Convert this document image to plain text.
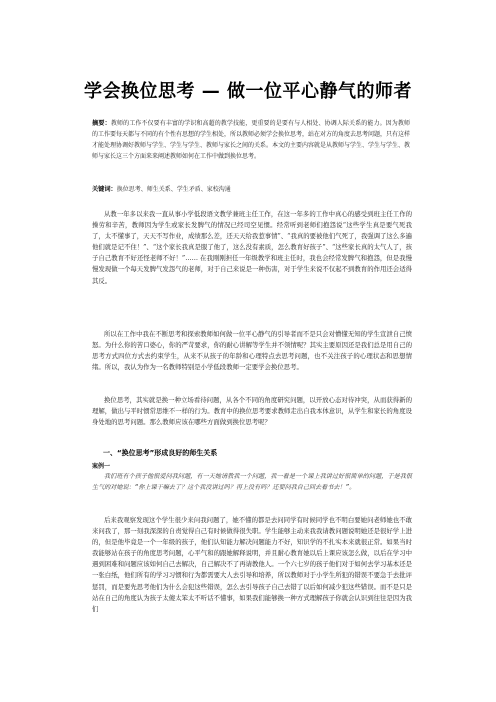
学会换位思考 — 做一位平心静气的师者

摘要：教师的工作不仅要有丰富的学识和高超的教学技能，更重要的是要有与人相处、协调人际关系的能力。因为教师的工作要每天都与不同的有个性有思想的学生相处，所以教师必须学会换位思考，站在对方的角度去思考问题，只有这样才能处理协调好教师与学生、学生与学生、教师与家长之间的关系。本文的主要内容就是从教师与学生、学生与学生、教师与家长这三个方面来来阐述教师如何在工作中做到换位思考。

关键词：换位思考、师生关系、学生矛盾、家校沟通

从教一年多以来我一直从事小学低段语文教学兼班主任工作，在这一年多的工作中真心的感受到班主任工作的操劳和辛苦，教师因为学生或家长发脾气的情况已经司空见惯。经常听到老师们抱怨说“这些学生真是要气死我了，太不懂事了，天天不写作业，成绩那么差，还天天给我惹事情”、“我真的要被他们气死了，我强调了这么多遍他们就是记不住！”、“这个家长我真是服了他了，这么没有素质，怎么教育好孩子”、“这些家长真的太气人了，孩子自己教育不好还怪老师不好！”…… 在我刚刚担任一年级教学和班主任时，我也会经常发脾气和抱怨，但是我慢慢发现做一个每天发脾气发怨气的老师，对于自己来说是一种伤害，对于学生来说不仅起不到教育的作用还会适得其反。

所以在工作中我在不断思考和探索教师如何做一位平心静气的引导者而不是只会对懵懂无知的学生宣泄自己愤怒。为什么你的苦口婆心，你的严苛要求，你的耐心讲解等学生并不领情呢？其实主要原因还是我们总是用自己的思考方式四位方式去约束学生，从来不从孩子的年龄和心理特点去思考问题，也不关注孩子的心理状态和思想情绪。所以，我认为作为一名教师特别是小学低段教师一定要学会换位思考。

换位思考，其实就是换一种立场看待问题，从各个不同的角度研究问题，以开放心态对待冲突，从而获得新的理解，做出与平时惯常思维不一样的行为。教育中的换位思考要求教师走出自我本体意识，从学生和家长的角度设身处地的思考问题。那么教师应该在哪些方面做到换位思考呢？

一、“换位思考”形成良好的师生关系

案例一

我们班有个孩子他很爱问我问题，有一天她请教我一个问题，我一看是一个课上我讲过好很简单的问题，于是我很生气的对她说：“你上课干嘛去了？这个我没讲过吗？再上没有吗？还要问我自己回去看书去！”。

后来我观察发现这个学生很少来问我问题了，她不懂的都是去问同学有时候同学也不明白要她问老师她也不敢来问我了，那一刻我深深的自责觉得自己有时候做得很失职。学生能够主动来我我请教问题说明她还是很好学上进的，但是他毕竟是一个一年级的孩子，他们认知能力解决问题能力不好，知识学的不扎实本来就很正常。如果当时我能够站在孩子的角度思考问题，心平气和的跟她解释说明，并且耐心教育她以后上课应该怎么做，以后在学习中遇到困难和问题应该如何自己去解决，自己解决不了再请教他人。一个六七岁的孩子他们对于如何去学习基本还是一张白纸，他们所有的学习习惯和行为都需要大人去引导和培养，所以教师对于小学生所犯的错误不要急于去批评惩罚，而是要先思考他们为什么会犯这些错误，怎么去引导孩子自己去错了以后如何减少犯这些错误。而不是只是站在自己的角度认为孩子太傻太笨太不听话不懂事，如果我们能够换一种方式理解孩子你就会认识到往往是因为我们
